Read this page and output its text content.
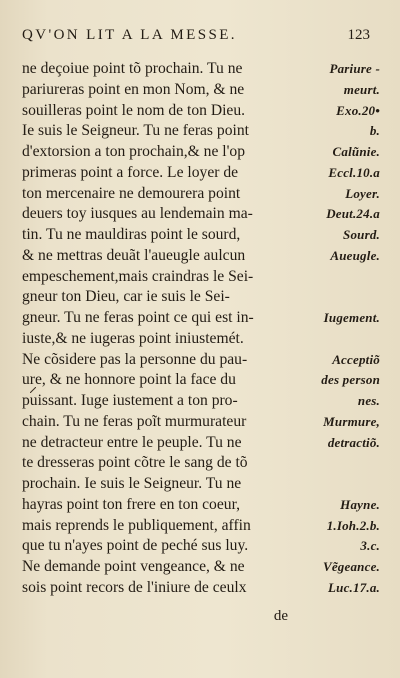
QV'ON LIT A LA MESSE.	123
ne deçoiue point tõ prochain. Tu ne	Pariure -
pariureras point en mon Nom, & ne	meurt.
souilleras point le nom de ton Dieu.	Exo.20•
Ie suis le Seigneur. Tu ne feras point	b.
d'extorsion a ton prochain,& ne l'op	Calũnie.
primeras point a force. Le loyer de	Eccl.10.a
ton mercenaire ne demourera point	Loyer.
deuers toy iusques au lendemain ma-	Deut.24.a
tin. Tu ne mauldiras point le sourd,	Sourd.
& ne mettras deuãt l'aueugle aulcun	Aueugle.
empeschement,mais craindras le Sei-
gneur ton Dieu, car ie suis le Sei-
gneur. Tu ne feras point ce qui est in-	Iugement.
iuste,& ne iugeras point iniustemét.
Ne cõsidere pas la personne du pau-	Acceptiõ
ure, & ne honnore point la face du	des person
puissant. Iuge iustement a ton pro-	nes.
chain. Tu ne feras poĩt murmurateur	Murmure,
ne detracteur entre le peuple. Tu ne	detractiõ.
te dresseras point cõtre le sang de tõ
prochain. Ie suis le Seigneur. Tu ne
hayras point ton frere en ton coeur,	Hayne.
mais reprends le publiquement, affin	1.Ioh.2.b.
que tu n'ayes point de peché sus luy.	3.c.
Ne demande point vengeance, & ne	Vẽgeance.
sois point recors de l'iniure de ceulx	Luc.17.a.
de
